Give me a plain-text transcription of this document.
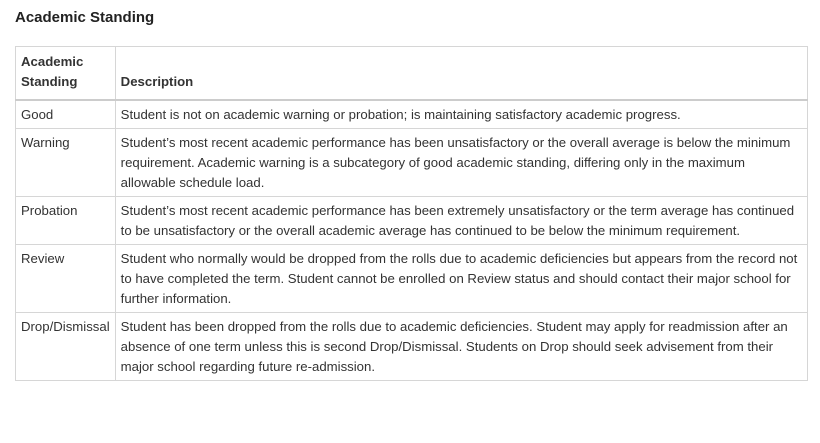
Academic Standing
Academic
Standing	Description
Good	Student is not on academic warning or probation; is maintaining satisfactory academic progress.
Warning	Student’s most recent academic performance has been unsatisfactory or the overall average is below the minimum requirement. Academic warning is a subcategory of good academic standing, differing only in the maximum allowable schedule load.
Probation	Student’s most recent academic performance has been extremely unsatisfactory or the term average has continued to be unsatisfactory or the overall academic average has continued to be below the minimum requirement.
Review	Student who normally would be dropped from the rolls due to academic deficiencies but appears from the record not to have completed the term. Student cannot be enrolled on Review status and should contact their major school for further information.
Drop/Dismissal	Student has been dropped from the rolls due to academic deficiencies. Student may apply for readmission after an absence of one term unless this is second Drop/Dismissal. Students on Drop should seek advisement from their major school regarding future re-admission.
